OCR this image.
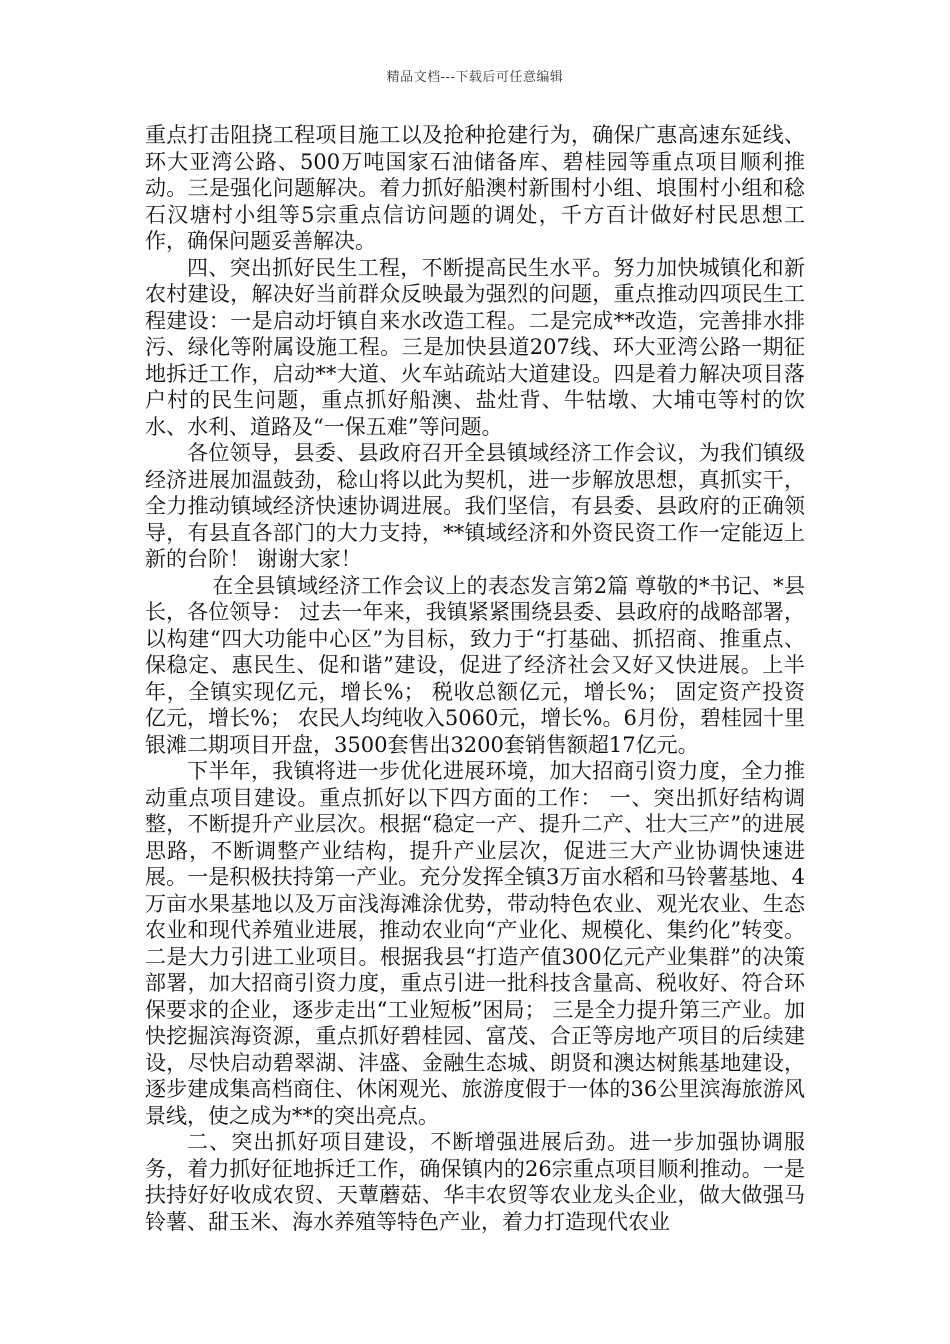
精品文档---下载后可任意编辑

重点打击阻挠工程项目施工以及抢种抢建行为，确保广惠高速东延线、环大亚湾公路、500万吨国家石油储备库、碧桂园等重点项目顺利推动。三是强化问题解决。着力抓好船澳村新围村小组、埌围村小组和稔石汉塘村小组等5宗重点信访问题的调处，千方百计做好村民思想工作，确保问题妥善解决。

四、突出抓好民生工程，不断提高民生水平。努力加快城镇化和新农村建设，解决好当前群众反映最为强烈的问题，重点推动四项民生工程建设：一是启动圩镇自来水改造工程。二是完成**改造，完善排水排污、绿化等附属设施工程。三是加快县道207线、环大亚湾公路一期征地拆迁工作，启动**大道、火车站疏站大道建设。四是着力解决项目落户村的民生问题，重点抓好船澳、盐灶背、牛牯墩、大埔屯等村的饮水、水利、道路及“一保五难”等问题。

各位领导，县委、县政府召开全县镇域经济工作会议，为我们镇级经济进展加温鼓劲，稔山将以此为契机，进一步解放思想，真抓实干，全力推动镇域经济快速协调进展。我们坚信，有县委、县政府的正确领导，有县直各部门的大力支持，**镇域经济和外资民资工作一定能迈上新的台阶！ 谢谢大家！

在全县镇域经济工作会议上的表态发言第2篇 尊敬的*书记、*县长，各位领导： 过去一年来，我镇紧紧围绕县委、县政府的战略部署，以构建“四大功能中心区”为目标，致力于“打基础、抓招商、推重点、保稳定、惠民生、促和谐”建设，促进了经济社会又好又快进展。上半年，全镇实现亿元，增长%； 税收总额亿元，增长%； 固定资产投资亿元，增长%； 农民人均纯收入5060元，增长%。6月份，碧桂园十里银滩二期项目开盘，3500套售出3200套销售额超17亿元。

下半年，我镇将进一步优化进展环境，加大招商引资力度，全力推动重点项目建设。重点抓好以下四方面的工作： 一、突出抓好结构调整，不断提升产业层次。根据“稳定一产、提升二产、壮大三产”的进展思路，不断调整产业结构，提升产业层次，促进三大产业协调快速进展。一是积极扶持第一产业。充分发挥全镇3万亩水稻和马铃薯基地、4万亩水果基地以及万亩浅海滩涂优势，带动特色农业、观光农业、生态农业和现代养殖业进展，推动农业向“产业化、规模化、集约化”转变。二是大力引进工业项目。根据我县“打造产值300亿元产业集群”的决策部署，加大招商引资力度，重点引进一批科技含量高、税收好、符合环保要求的企业，逐步走出“工业短板”困局； 三是全力提升第三产业。加快挖掘滨海资源，重点抓好碧桂园、富茂、合正等房地产项目的后续建设，尽快启动碧翠湖、沣盛、金融生态城、朗贤和澳达树熊基地建设，逐步建成集高档商住、休闲观光、旅游度假于一体的36公里滨海旅游风景线，使之成为**的突出亮点。

二、突出抓好项目建设，不断增强进展后劲。进一步加强协调服务，着力抓好征地拆迁工作，确保镇内的26宗重点项目顺利推动。一是扶持好好收成农贸、天蕈蘑菇、华丰农贸等农业龙头企业，做大做强马铃薯、甜玉米、海水养殖等特色产业，着力打造现代农业
